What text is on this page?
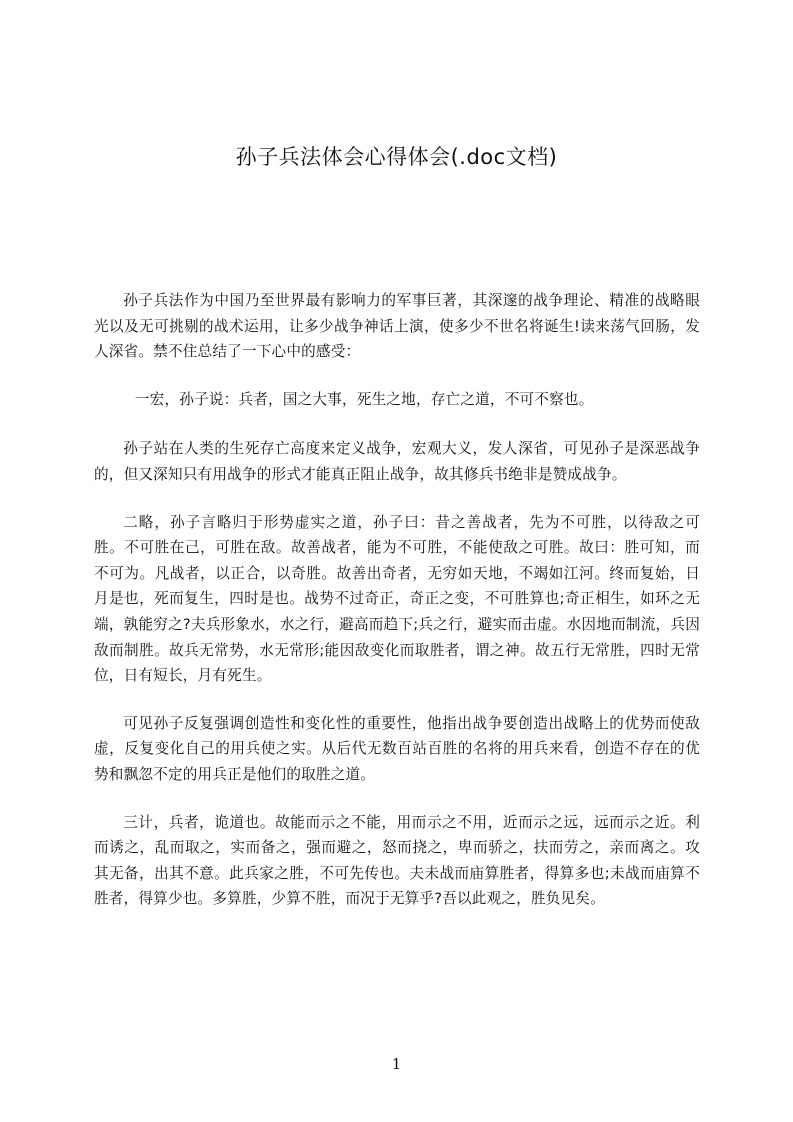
孙子兵法体会心得体会(.doc文档)

孙子兵法作为中国乃至世界最有影响力的军事巨著，其深邃的战争理论、精准的战略眼光以及无可挑剔的战术运用，让多少战争神话上演，使多少不世名将诞生!读来荡气回肠，发人深省。禁不住总结了一下心中的感受：

一宏，孙子说：兵者，国之大事，死生之地，存亡之道，不可不察也。

孙子站在人类的生死存亡高度来定义战争，宏观大义，发人深省，可见孙子是深恶战争的，但又深知只有用战争的形式才能真正阻止战争，故其修兵书绝非是赞成战争。

二略，孙子言略归于形势虚实之道，孙子曰：昔之善战者，先为不可胜，以待敌之可胜。不可胜在己，可胜在敌。故善战者，能为不可胜，不能使敌之可胜。故曰：胜可知，而不可为。凡战者，以正合，以奇胜。故善出奇者，无穷如天地，不竭如江河。终而复始，日月是也，死而复生，四时是也。战势不过奇正，奇正之变，不可胜算也;奇正相生，如环之无端，孰能穷之?夫兵形象水，水之行，避高而趋下;兵之行，避实而击虚。水因地而制流，兵因敌而制胜。故兵无常势，水无常形;能因敌变化而取胜者，谓之神。故五行无常胜，四时无常位，日有短长，月有死生。

可见孙子反复强调创造性和变化性的重要性，他指出战争要创造出战略上的优势而使敌虚，反复变化自己的用兵使之实。从后代无数百站百胜的名将的用兵来看，创造不存在的优势和飘忽不定的用兵正是他们的取胜之道。

三计，兵者，诡道也。故能而示之不能，用而示之不用，近而示之远，远而示之近。利而诱之，乱而取之，实而备之，强而避之，怒而挠之，卑而骄之，扶而劳之，亲而离之。攻其无备，出其不意。此兵家之胜，不可先传也。夫未战而庙算胜者，得算多也;未战而庙算不胜者，得算少也。多算胜，少算不胜，而况于无算乎?吾以此观之，胜负见矣。

1
